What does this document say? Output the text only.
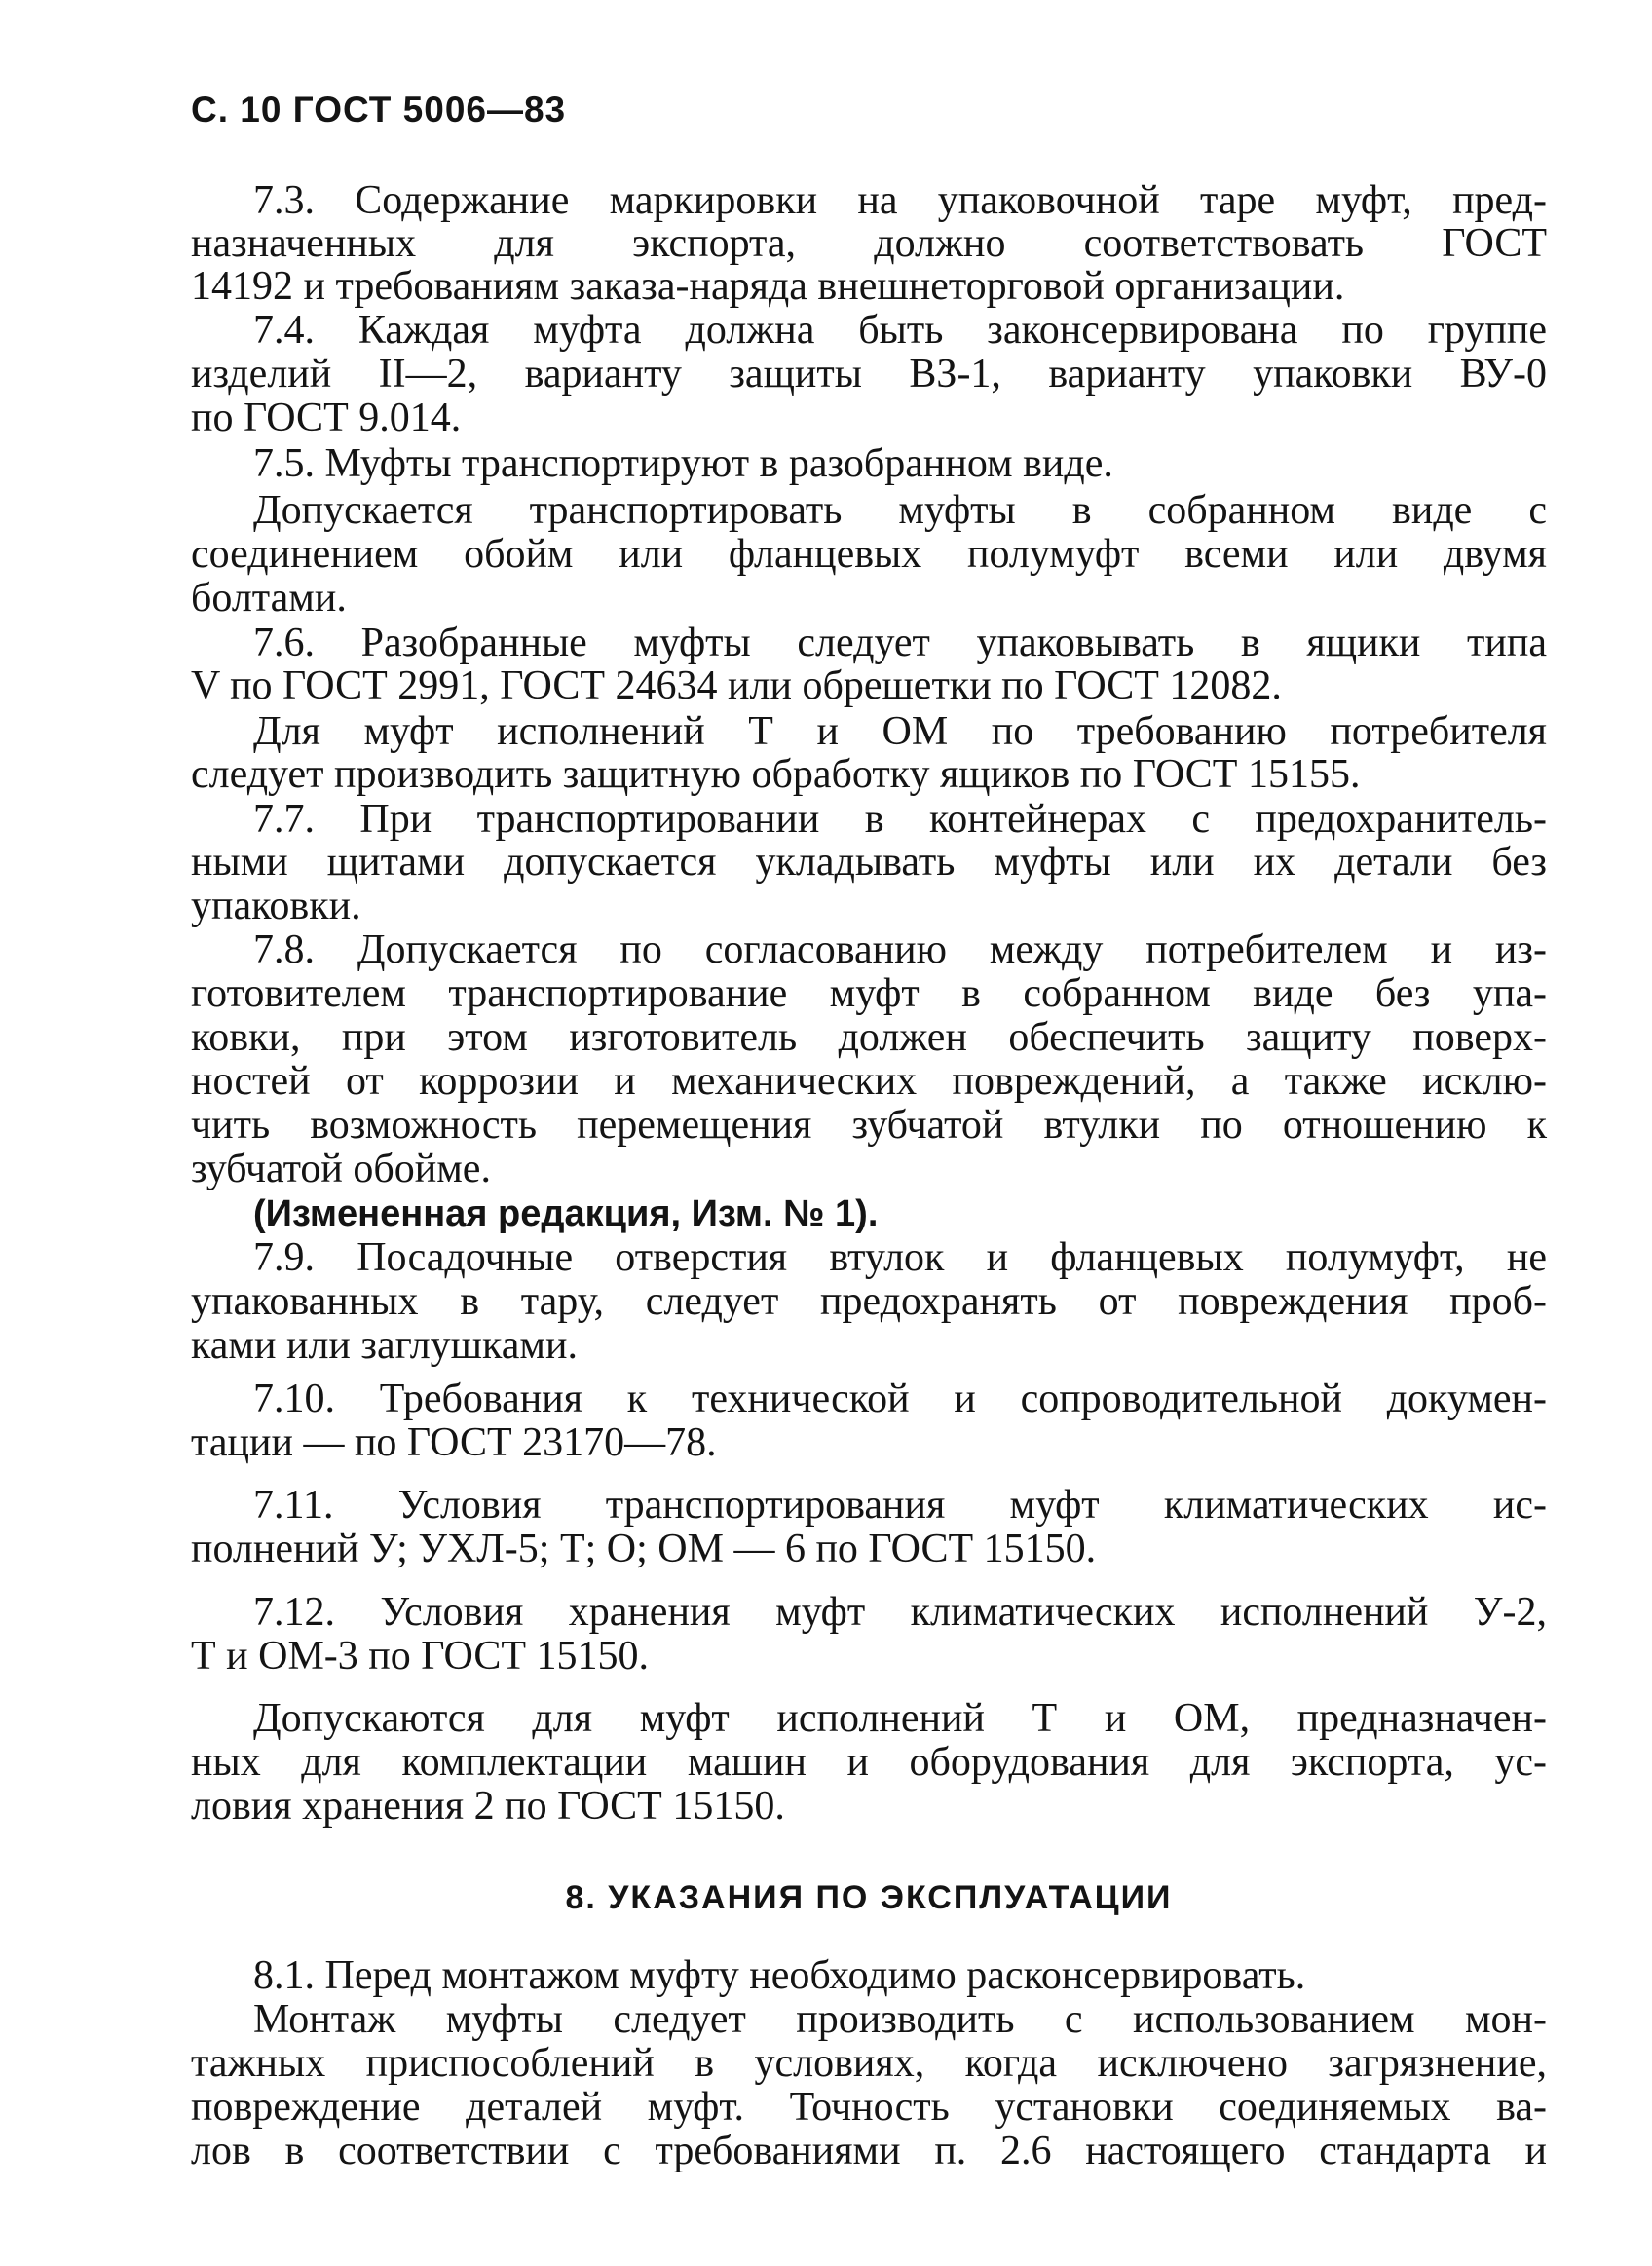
С. 10 ГОСТ 5006—83
7.3. Содержание маркировки на упаковочной таре муфт, пред-
назначенных для экспорта, должно соответствовать ГОСТ
14192 и требованиям заказа-наряда внешнеторговой организации.
7.4. Каждая муфта должна быть законсервирована по группе
изделий II—2, варианту защиты ВЗ-1, варианту упаковки ВУ-0
по ГОСТ 9.014.
7.5. Муфты транспортируют в разобранном виде.
Допускается транспортировать муфты в собранном виде с
соединением обойм или фланцевых полумуфт всеми или двумя
болтами.
7.6. Разобранные муфты следует упаковывать в ящики типа
V по ГОСТ 2991, ГОСТ 24634 или обрешетки по ГОСТ 12082.
Для муфт исполнений Т и ОМ по требованию потребителя
следует производить защитную обработку ящиков по ГОСТ 15155.
7.7. При транспортировании в контейнерах с предохранитель-
ными щитами допускается укладывать муфты или их детали без
упаковки.
7.8. Допускается по согласованию между потребителем и из-
готовителем транспортирование муфт в собранном виде без упа-
ковки, при этом изготовитель должен обеспечить защиту поверх-
ностей от коррозии и механических повреждений, а также исклю-
чить возможность перемещения зубчатой втулки по отношению к
зубчатой обойме.
(Измененная редакция, Изм. № 1).
7.9. Посадочные отверстия втулок и фланцевых полумуфт, не
упакованных в тару, следует предохранять от повреждения проб-
ками или заглушками.
7.10. Требования к технической и сопроводительной докумен-
тации — по ГОСТ 23170—78.
7.11. Условия транспортирования муфт климатических ис-
полнений У; УХЛ-5; Т; О; ОМ — 6 по ГОСТ 15150.
7.12. Условия хранения муфт климатических исполнений У-2,
Т и ОМ-3 по ГОСТ 15150.
Допускаются для муфт исполнений Т и ОМ, предназначен-
ных для комплектации машин и оборудования для экспорта, ус-
ловия хранения 2 по ГОСТ 15150.
8. УКАЗАНИЯ ПО ЭКСПЛУАТАЦИИ
8.1. Перед монтажом муфту необходимо расконсервировать.
Монтаж муфты следует производить с использованием мон-
тажных приспособлений в условиях, когда исключено загрязнение,
повреждение деталей муфт. Точность установки соединяемых ва-
лов в соответствии с требованиями п. 2.6 настоящего стандарта и
